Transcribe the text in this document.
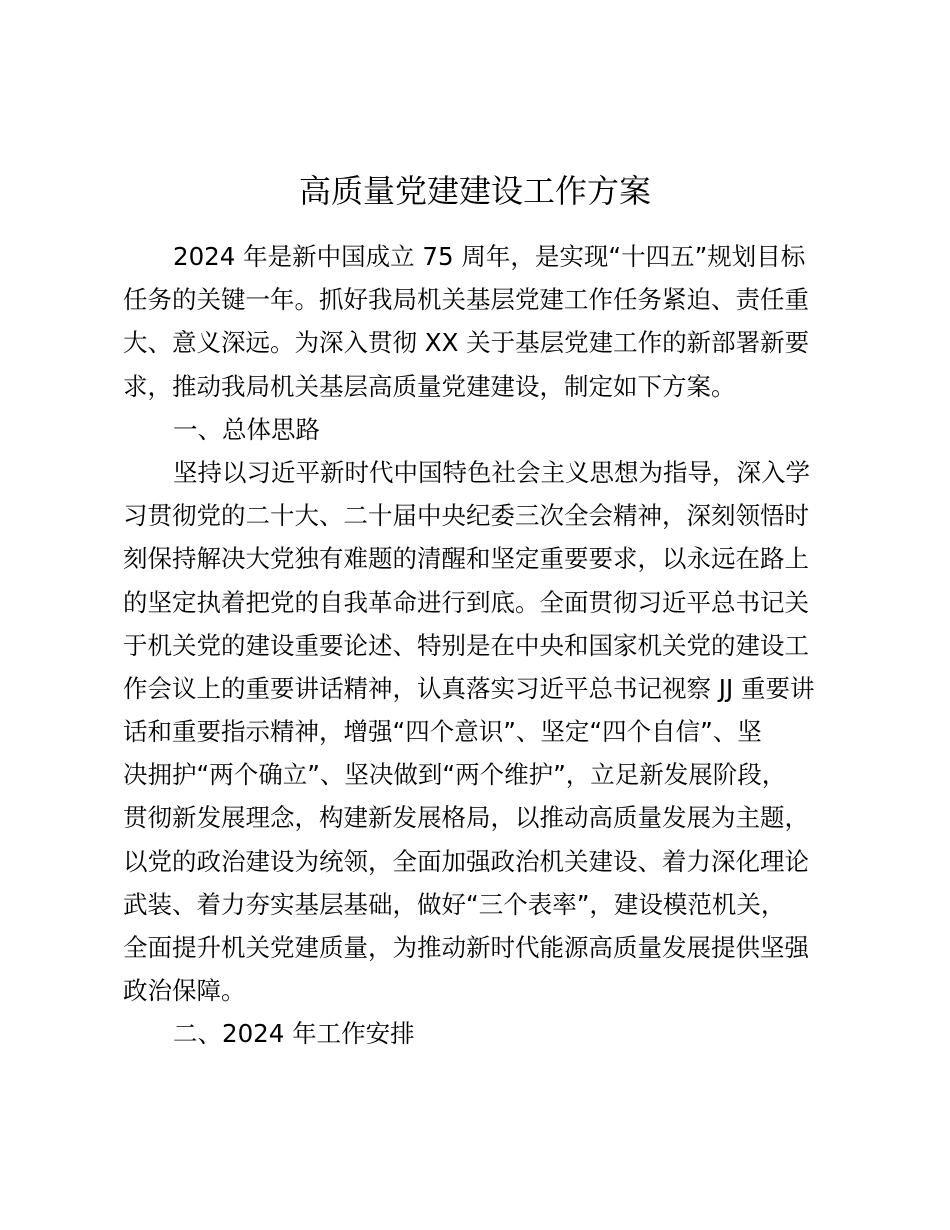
高质量党建建设工作方案
2024 年是新中国成立 75 周年，是实现“十四五”规划目标
任务的关键一年。抓好我局机关基层党建工作任务紧迫、责任重
大、意义深远。为深入贯彻 XX 关于基层党建工作的新部署新要
求，推动我局机关基层高质量党建建设，制定如下方案。
一、总体思路
坚持以习近平新时代中国特色社会主义思想为指导，深入学
习贯彻党的二十大、二十届中央纪委三次全会精神，深刻领悟时
刻保持解决大党独有难题的清醒和坚定重要要求，以永远在路上
的坚定执着把党的自我革命进行到底。全面贯彻习近平总书记关
于机关党的建设重要论述、特别是在中央和国家机关党的建设工
作会议上的重要讲话精神，认真落实习近平总书记视察 JJ 重要讲
话和重要指示精神，增强“四个意识”、坚定“四个自信”、坚
决拥护“两个确立”、坚决做到“两个维护”，立足新发展阶段，
贯彻新发展理念，构建新发展格局，以推动高质量发展为主题，
以党的政治建设为统领，全面加强政治机关建设、着力深化理论
武装、着力夯实基层基础，做好“三个表率”，建设模范机关，
全面提升机关党建质量，为推动新时代能源高质量发展提供坚强
政治保障。
二、2024 年工作安排
